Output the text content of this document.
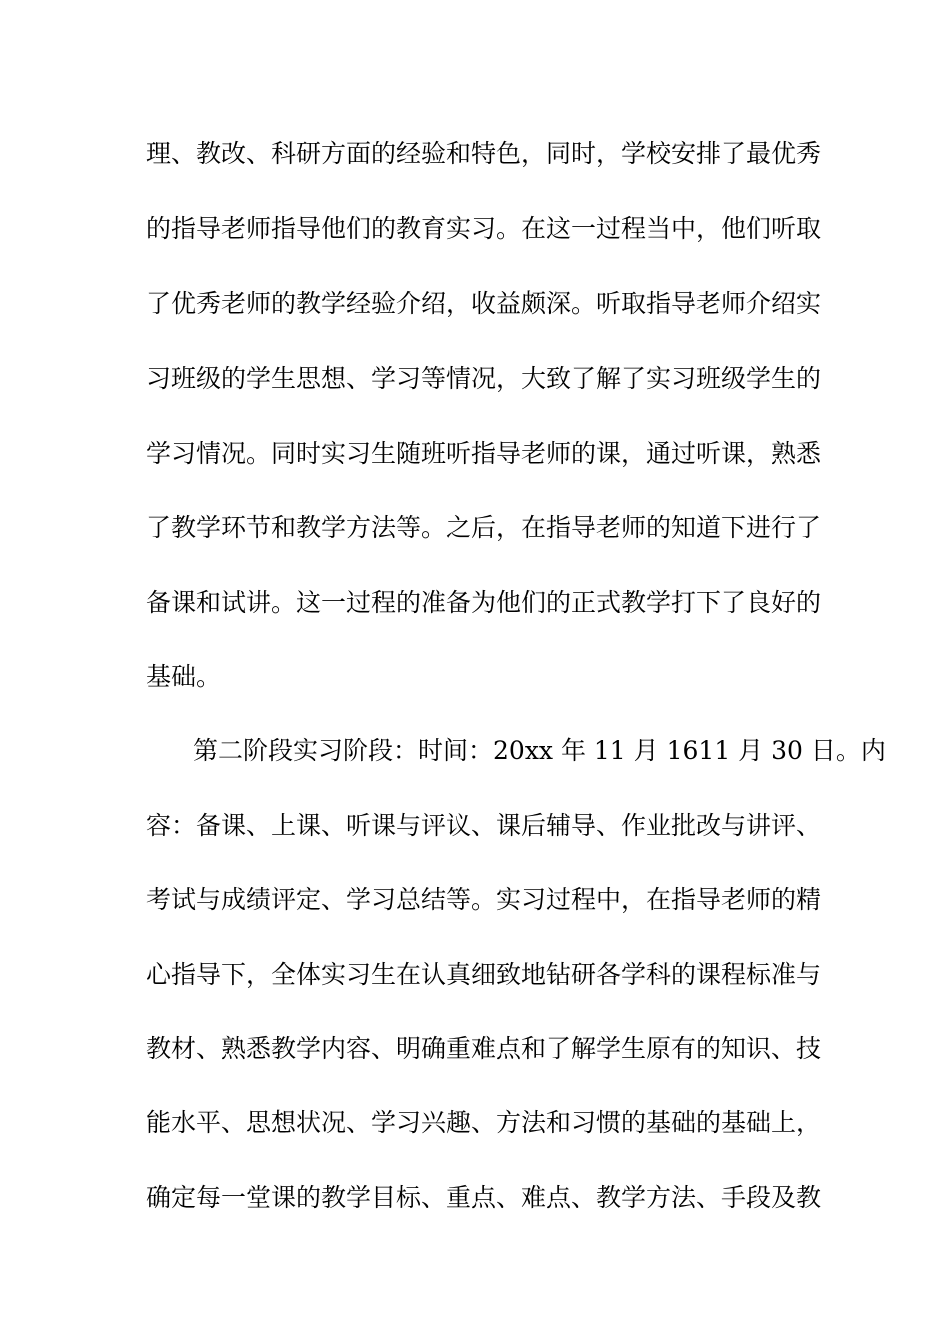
理、教改、科研方面的经验和特色，同时，学校安排了最优秀
的指导老师指导他们的教育实习。在这一过程当中，他们听取
了优秀老师的教学经验介绍，收益颇深。听取指导老师介绍实
习班级的学生思想、学习等情况，大致了解了实习班级学生的
学习情况。同时实习生随班听指导老师的课，通过听课，熟悉
了教学环节和教学方法等。之后，在指导老师的知道下进行了
备课和试讲。这一过程的准备为他们的正式教学打下了良好的
基础。
第二阶段实习阶段：时间：20xx 年 11 月 1611 月 30 日。内
容：备课、上课、听课与评议、课后辅导、作业批改与讲评、
考试与成绩评定、学习总结等。实习过程中，在指导老师的精
心指导下，全体实习生在认真细致地钻研各学科的课程标准与
教材、熟悉教学内容、明确重难点和了解学生原有的知识、技
能水平、思想状况、学习兴趣、方法和习惯的基础的基础上，
确定每一堂课的教学目标、重点、难点、教学方法、手段及教
